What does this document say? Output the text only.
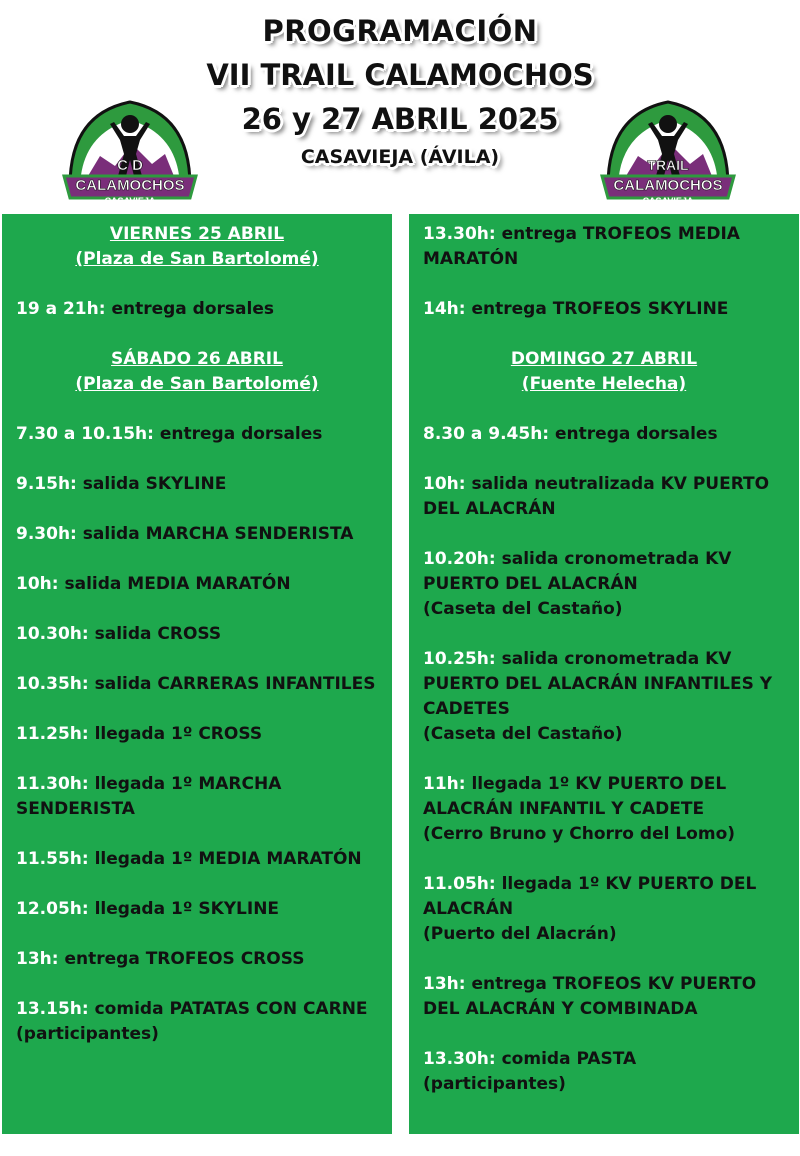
PROGRAMACIÓN
VII TRAIL CALAMOCHOS
26 y 27 ABRIL 2025
CASAVIEJA (ÁVILA)
C D
CALAMOCHOS
CASAVIEJA
TRAIL
CALAMOCHOS
CASAVIEJA

VIERNES 25 ABRIL

(Plaza de San Bartolomé)

19 a 21h: entrega dorsales

SÁBADO 26 ABRIL

(Plaza de San Bartolomé)

7.30 a 10.15h: entrega dorsales
9.15h: salida SKYLINE
9.30h: salida MARCHA SENDERISTA
10h: salida MEDIA MARATÓN
10.30h: salida CROSS
10.35h: salida CARRERAS INFANTILES
11.25h: llegada 1º CROSS
11.30h: llegada 1º MARCHA SENDERISTA
11.55h: llegada 1º MEDIA MARATÓN
12.05h: llegada 1º SKYLINE
13h: entrega TROFEOS CROSS
13.15h: comida PATATAS CON CARNE (participantes)
13.30h: entrega TROFEOS MEDIA MARATÓN
14h: entrega TROFEOS SKYLINE

DOMINGO 27 ABRIL

(Fuente Helecha)

8.30 a 9.45h: entrega dorsales
10h: salida neutralizada KV PUERTO DEL ALACRÁN
10.20h: salida cronometrada KV PUERTO DEL ALACRÁN
(Caseta del Castaño)
10.25h: salida cronometrada KV PUERTO DEL ALACRÁN INFANTILES Y CADETES
(Caseta del Castaño)
11h: llegada 1º KV PUERTO DEL ALACRÁN INFANTIL Y CADETE
(Cerro Bruno y Chorro del Lomo)
11.05h: llegada 1º KV PUERTO DEL ALACRÁN
(Puerto del Alacrán)
13h: entrega TROFEOS KV PUERTO DEL ALACRÁN Y COMBINADA
13.30h: comida PASTA (participantes)
